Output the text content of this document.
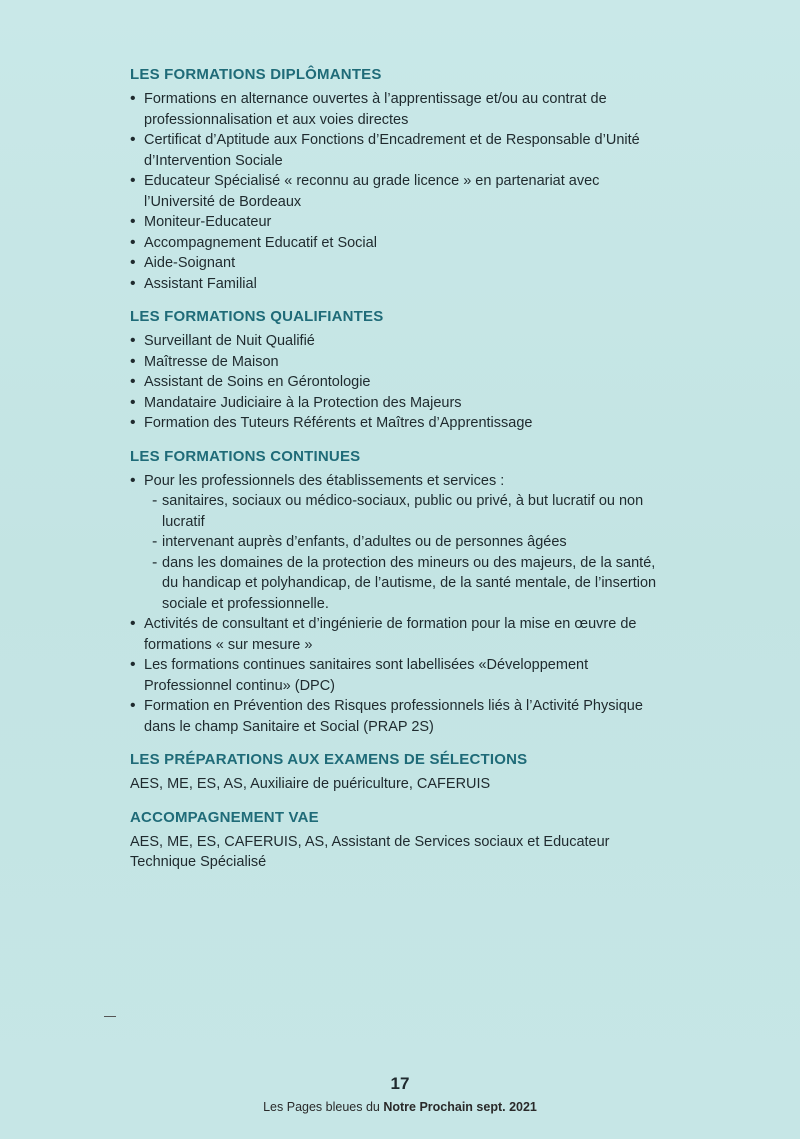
LES FORMATIONS DIPLÔMANTES
• Formations en alternance ouvertes à l’apprentissage et/ou au contrat de professionnalisation et aux voies directes
• Certificat d’Aptitude aux Fonctions d’Encadrement et de Responsable d’Unité d’Intervention Sociale
• Educateur Spécialisé « reconnu au grade licence » en partenariat avec l’Université de Bordeaux
• Moniteur-Educateur
• Accompagnement Educatif et Social
• Aide-Soignant
• Assistant Familial
LES FORMATIONS QUALIFIANTES
• Surveillant de Nuit Qualifié
• Maîtresse de Maison
• Assistant de Soins en Gérontologie
• Mandataire Judiciaire à la Protection des Majeurs
• Formation des Tuteurs Référents et Maîtres d’Apprentissage
LES FORMATIONS CONTINUES
• Pour les professionnels des établissements et services :
- sanitaires, sociaux ou médico-sociaux, public ou privé, à but lucratif ou non lucratif
- intervenant auprès d’enfants, d’adultes ou de personnes âgées
- dans les domaines de la protection des mineurs ou des majeurs, de la santé, du handicap et polyhandicap, de l’autisme, de la santé mentale, de l’insertion sociale et professionnelle.
• Activités de consultant et d’ingénierie de formation pour la mise en œuvre de formations « sur mesure »
• Les formations continues sanitaires sont labellisées «Développement Professionnel continu» (DPC)
• Formation en Prévention des Risques professionnels liés à l’Activité Physique dans le champ Sanitaire et Social (PRAP 2S)
LES PRÉPARATIONS AUX EXAMENS DE SÉLECTIONS

AES, ME, ES, AS, Auxiliaire de puériculture, CAFERUIS

ACCOMPAGNEMENT VAE

AES, ME, ES, CAFERUIS, AS, Assistant de Services sociaux et Educateur Technique Spécialisé

17
Les Pages bleues du Notre Prochain sept. 2021
